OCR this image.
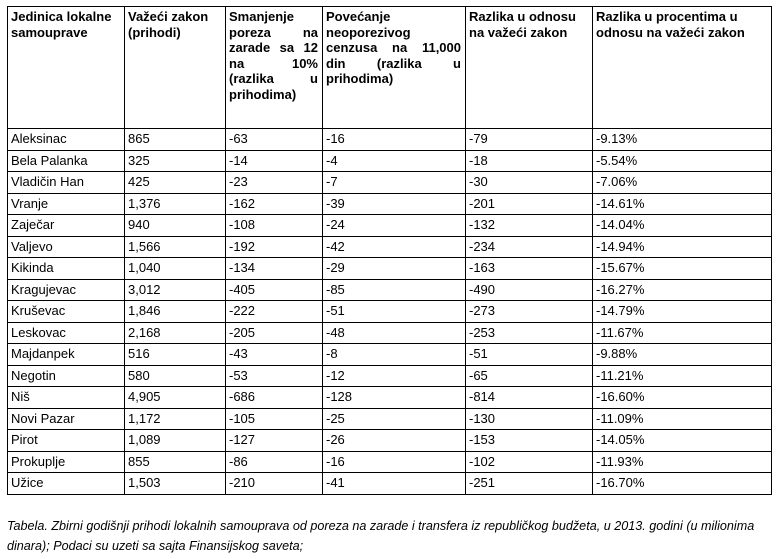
Jedinica lokalne samouprave	Važeći zakon (prihodi)	Smanjenje poreza na zarade sa 12 na 10% (razlika u prihodima)	Povećanje neoporezivog cenzusa na 11,000 din (razlika u prihodima)	Razlika u odnosu na važeći zakon	Razlika u procentima u odnosu na važeći zakon
Aleksinac	865	-63	-16	-79	-9.13%
Bela Palanka	325	-14	-4	-18	-5.54%
Vladičin Han	425	-23	-7	-30	-7.06%
Vranje	1,376	-162	-39	-201	-14.61%
Zaječar	940	-108	-24	-132	-14.04%
Valjevo	1,566	-192	-42	-234	-14.94%
Kikinda	1,040	-134	-29	-163	-15.67%
Kragujevac	3,012	-405	-85	-490	-16.27%
Kruševac	1,846	-222	-51	-273	-14.79%
Leskovac	2,168	-205	-48	-253	-11.67%
Majdanpek	516	-43	-8	-51	-9.88%
Negotin	580	-53	-12	-65	-11.21%
Niš	4,905	-686	-128	-814	-16.60%
Novi Pazar	1,172	-105	-25	-130	-11.09%
Pirot	1,089	-127	-26	-153	-14.05%
Prokuplje	855	-86	-16	-102	-11.93%
Užice	1,503	-210	-41	-251	-16.70%
Tabela. Zbirni godišnji prihodi lokalnih samouprava od poreza na zarade i transfera iz republičkog budžeta, u 2013. godini (u milionima dinara); Podaci su uzeti sa sajta Finansijskog saveta;
